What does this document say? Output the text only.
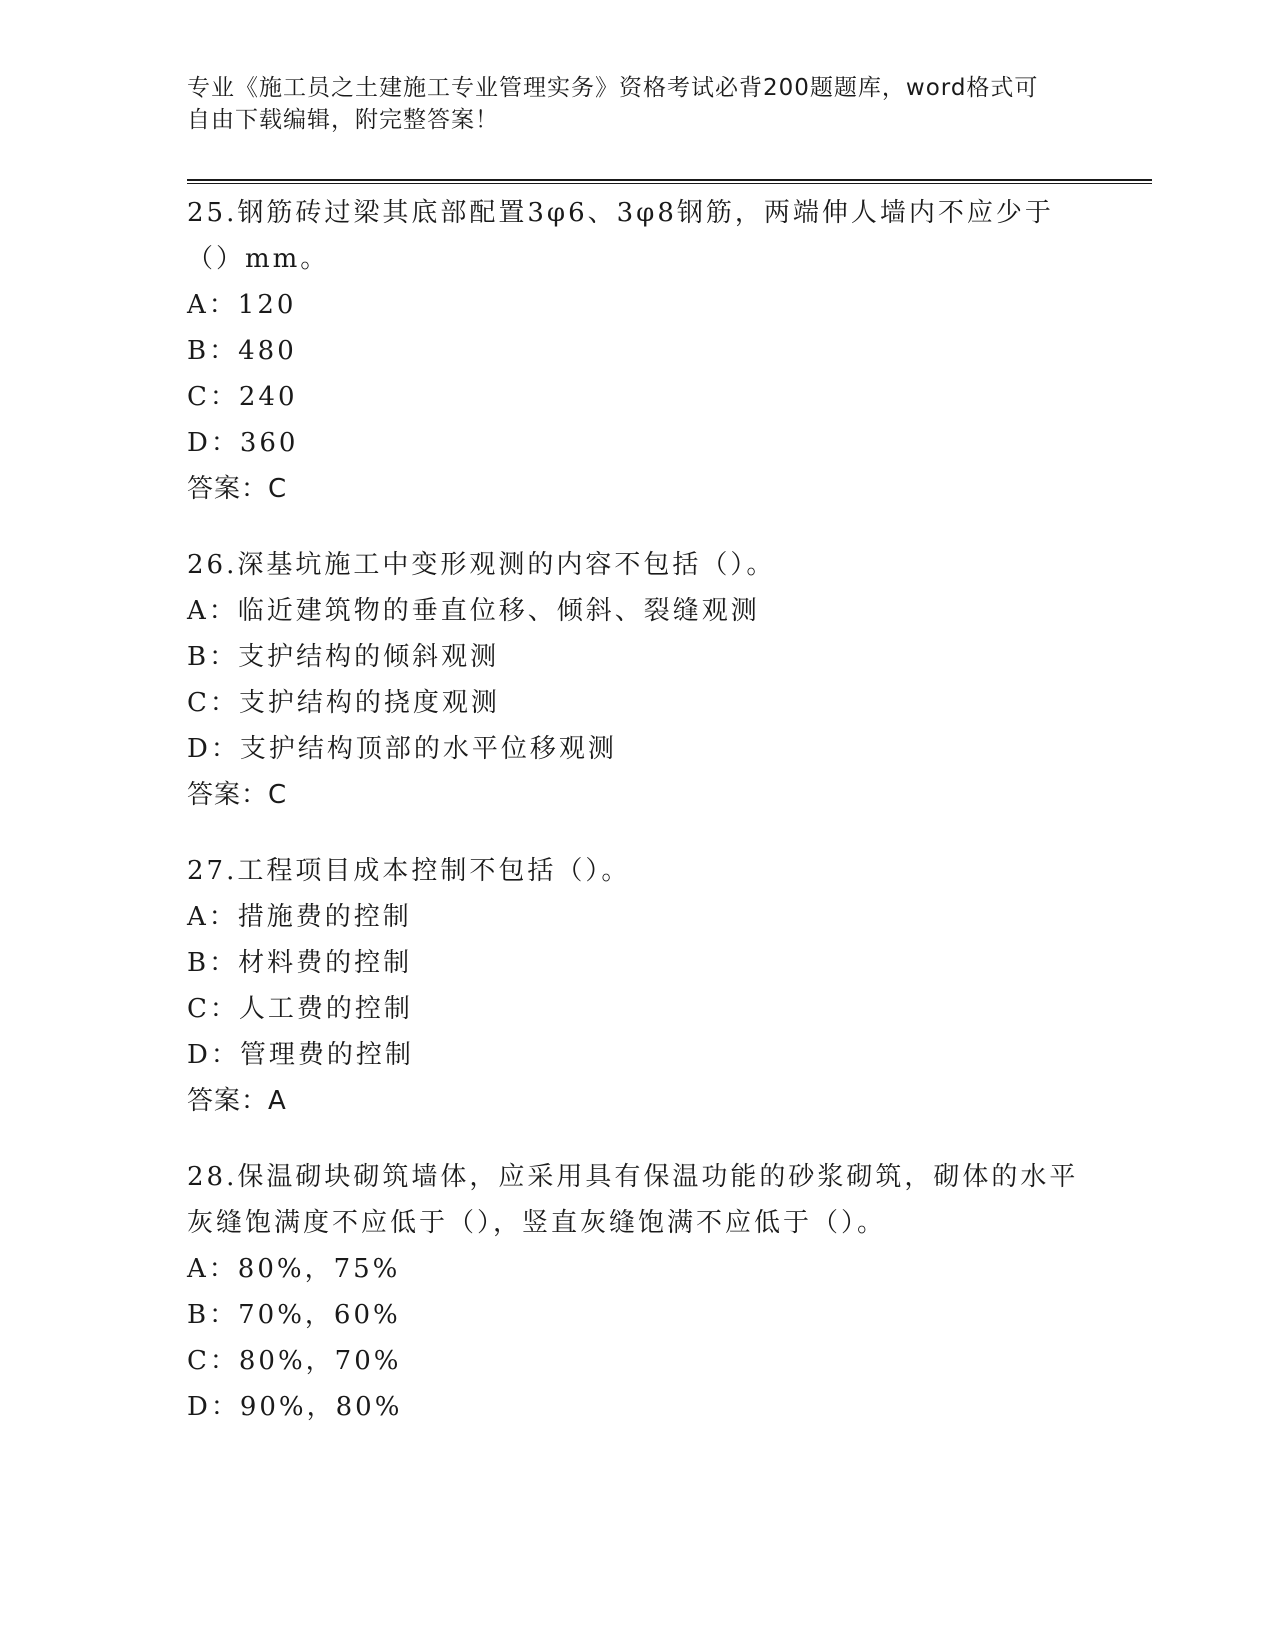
专业《施工员之土建施工专业管理实务》资格考试必背200题题库，word格式可
自由下载编辑，附完整答案！
25.钢筋砖过梁其底部配置3φ6、3φ8钢筋，两端伸人墙内不应少于
（）mm。
A：120
B：480
C：240
D：360
答案：C
26.深基坑施工中变形观测的内容不包括（）。
A：临近建筑物的垂直位移、倾斜、裂缝观测
B：支护结构的倾斜观测
C：支护结构的挠度观测
D：支护结构顶部的水平位移观测
答案：C
27.工程项目成本控制不包括（）。
A：措施费的控制
B：材料费的控制
C：人工费的控制
D：管理费的控制
答案：A
28.保温砌块砌筑墙体，应采用具有保温功能的砂浆砌筑，砌体的水平
灰缝饱满度不应低于（），竖直灰缝饱满不应低于（）。
A：80%，75%
B：70%，60%
C：80%，70%
D：90%，80%
